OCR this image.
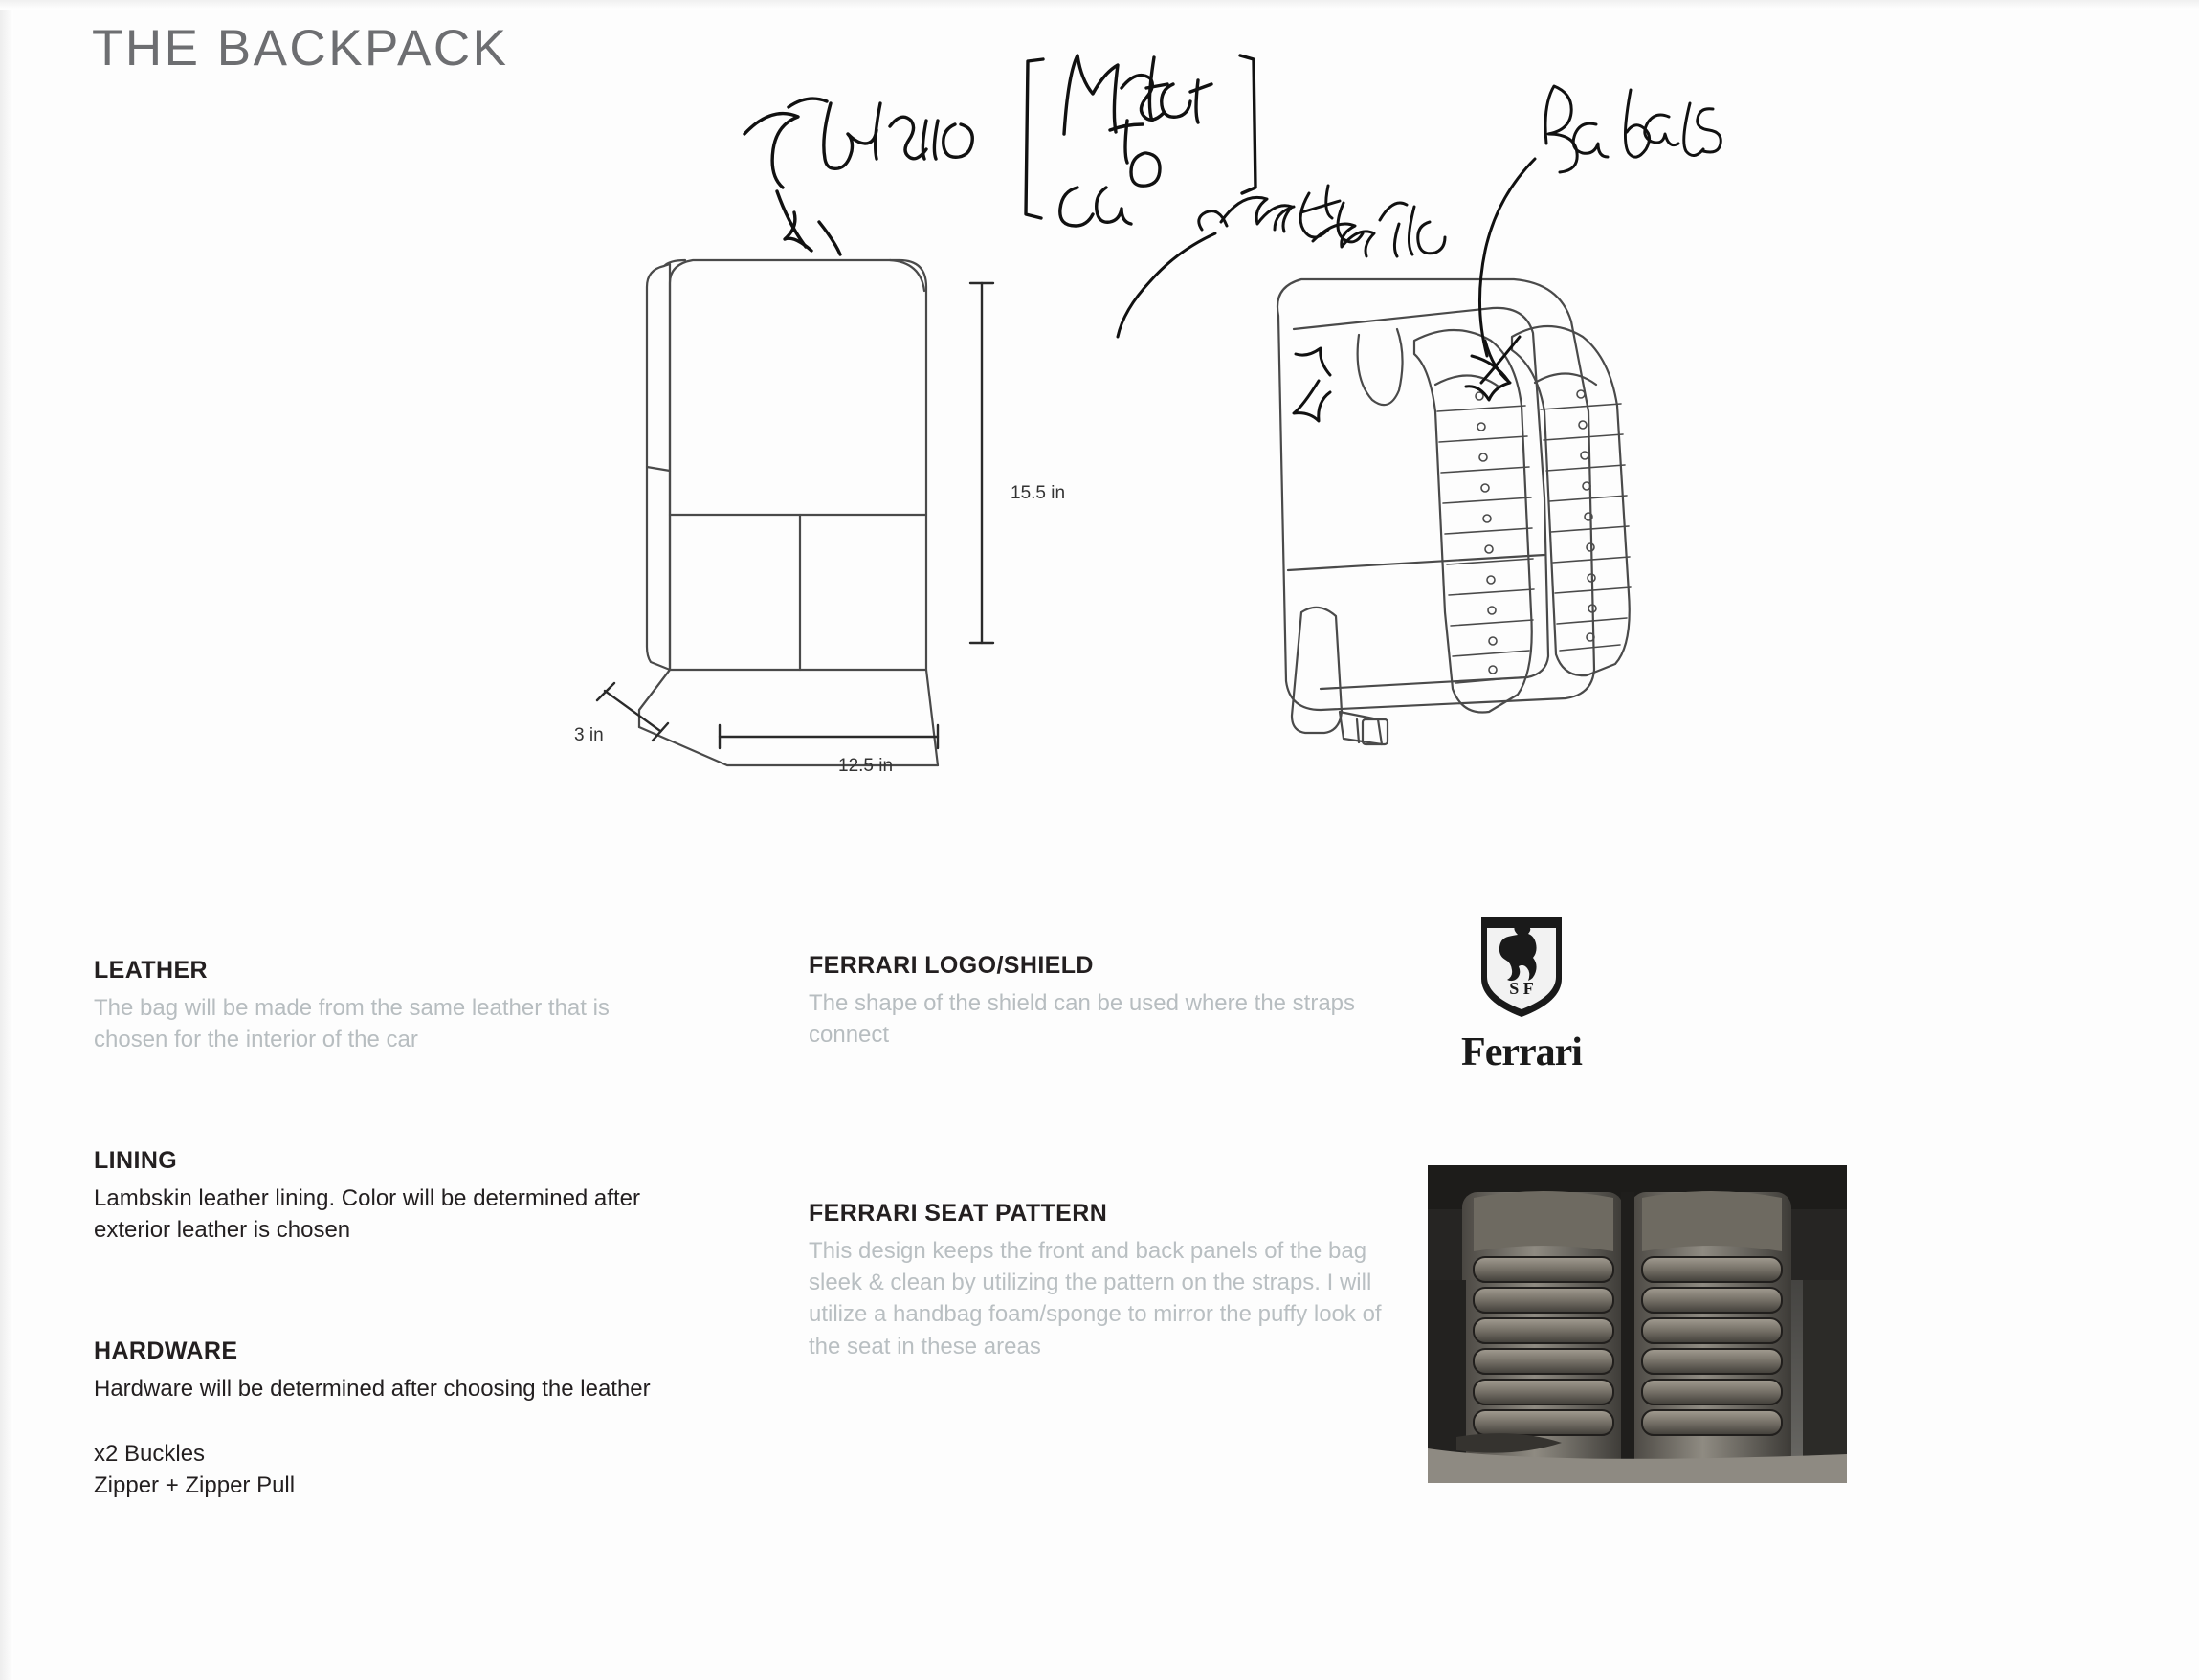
THE BACKPACK
15.5 in
12.5 in
3 in
LEATHER
The bag will be made from the same leather that is chosen for the interior of the car
LINING
Lambskin leather lining. Color will be determined after exterior leather is chosen
HARDWARE
Hardware will be determined after choosing the leather
x2 Buckles
Zipper + Zipper Pull
FERRARI LOGO/SHIELD
The shape of the shield can be used where the straps connect
FERRARI SEAT PATTERN
This design keeps the front and back panels of the bag sleek & clean by utilizing the pattern on the straps. I will utilize a handbag foam/sponge to mirror the puffy look of the seat in these areas
S F
Ferrari
